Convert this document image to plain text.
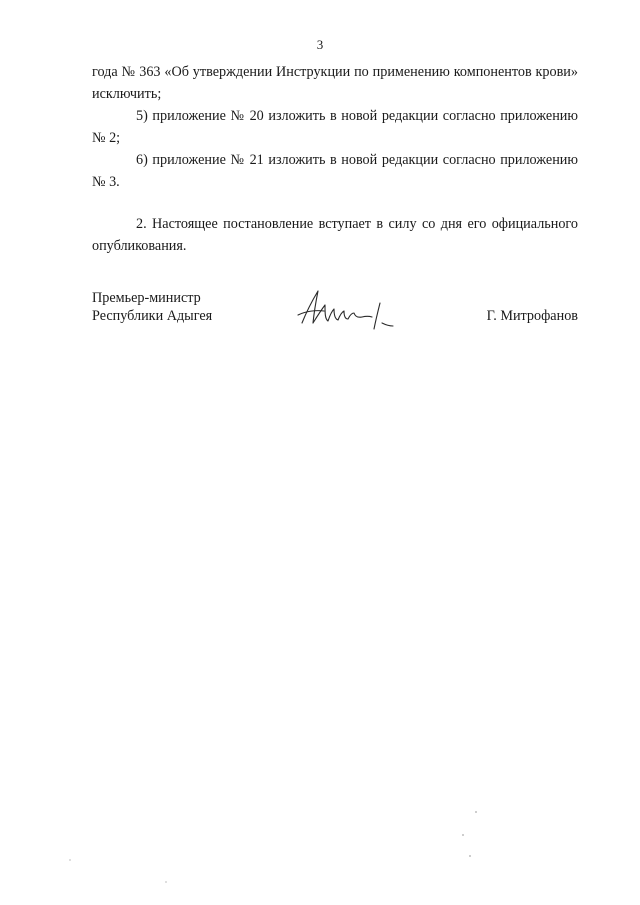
3

года № 363 «Об утверждении Инструкции по применению компонентов крови» исключить;

5) приложение № 20 изложить в новой редакции согласно приложению № 2;

6) приложение № 21 изложить в новой редакции согласно приложению № 3.

2. Настоящее постановление вступает в силу со дня его официального опубликования.

Премьер-министр
Республики Адыгея	Г. Митрофанов
